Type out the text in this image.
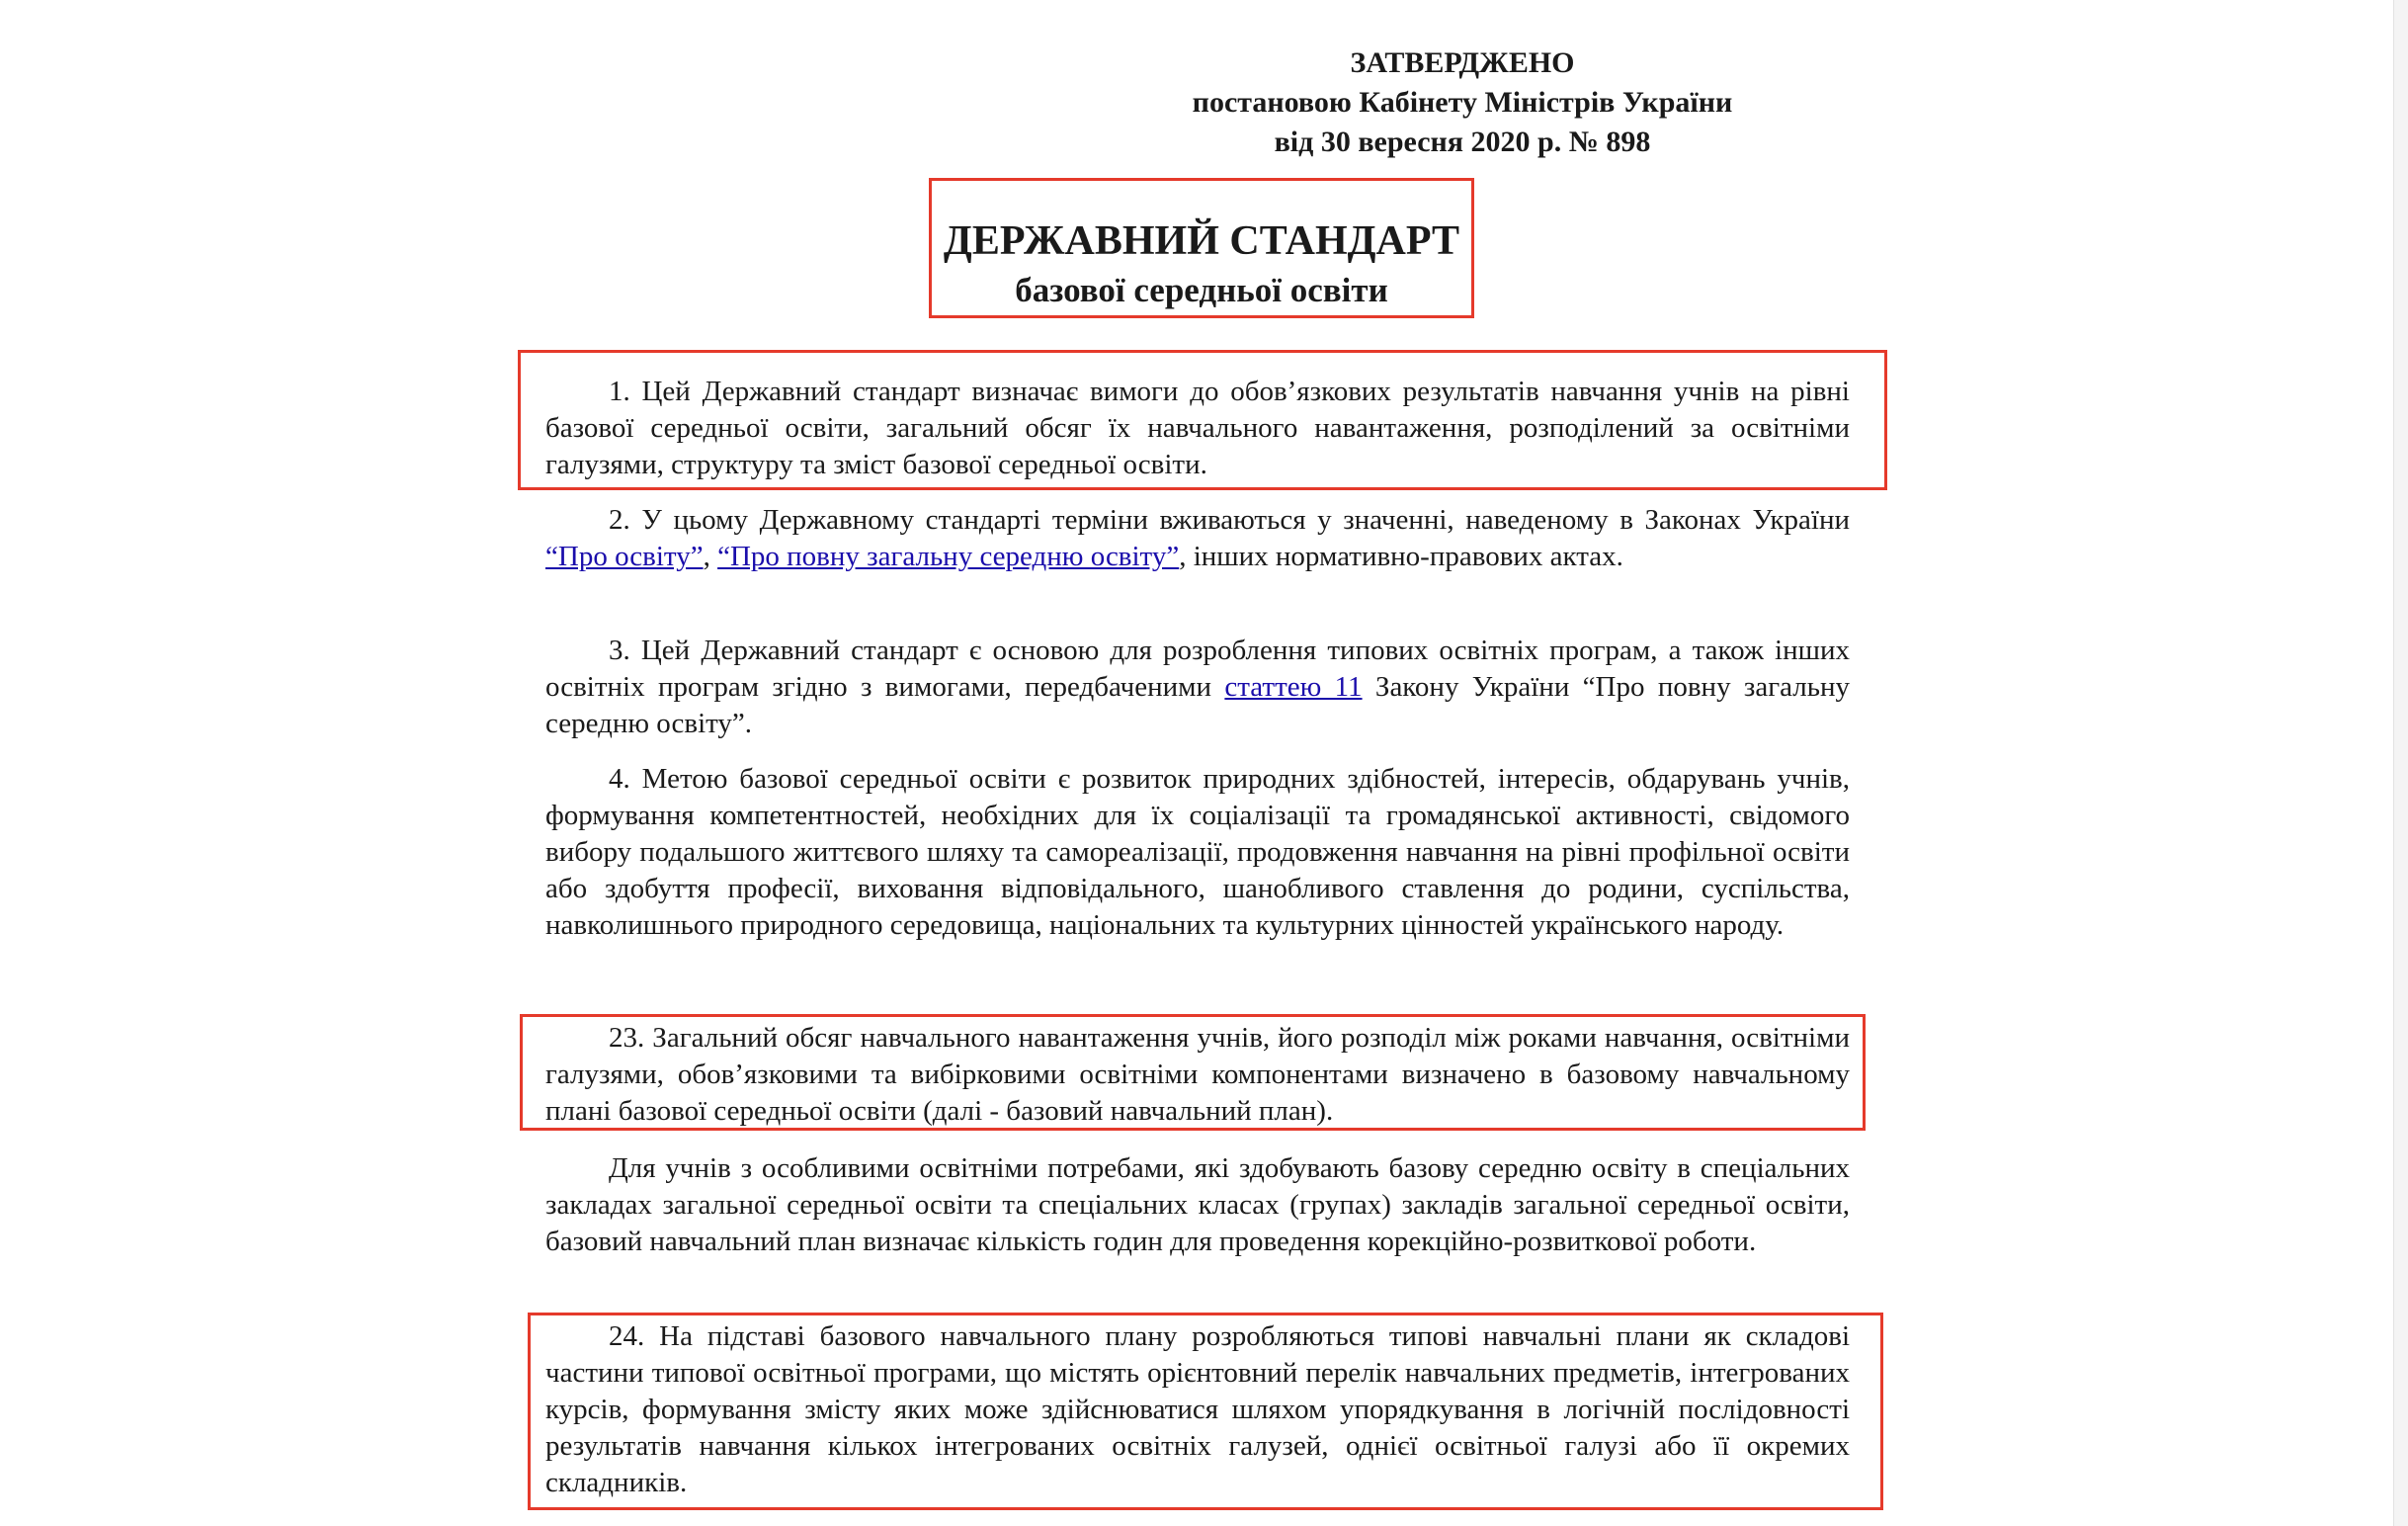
ЗАТВЕРДЖЕНО
постановою Кабінету Міністрів України
від 30 вересня 2020 р. № 898
ДЕРЖАВНИЙ СТАНДАРТ
базової середньої освіти

1. Цей Державний стандарт визначає вимоги до обов’язкових результатів навчання учнів на рівні базової середньої освіти, загальний обсяг їх навчального навантаження, розподілений за освітніми галузями, структуру та зміст базової середньої освіти.

2. У цьому Державному стандарті терміни вживаються у значенні, наведеному в Законах України “Про освіту”, “Про повну загальну середню освіту”, інших нормативно-правових актах.

3. Цей Державний стандарт є основою для розроблення типових освітніх програм, а також інших освітніх програм згідно з вимогами, передбаченими статтею 11 Закону України “Про повну загальну середню освіту”.

4. Метою базової середньої освіти є розвиток природних здібностей, інтересів, обдарувань учнів, формування компетентностей, необхідних для їх соціалізації та громадянської активності, свідомого вибору подальшого життєвого шляху та самореалізації, продовження навчання на рівні профільної освіти або здобуття професії, виховання відповідального, шанобливого ставлення до родини, суспільства, навколишнього природного середовища, національних та культурних цінностей українського народу.

23. Загальний обсяг навчального навантаження учнів, його розподіл між роками навчання, освітніми галузями, обов’язковими та вибірковими освітніми компонентами визначено в базовому навчальному плані базової середньої освіти (далі - базовий навчальний план).

Для учнів з особливими освітніми потребами, які здобувають базову середню освіту в спеціальних закладах загальної середньої освіти та спеціальних класах (групах) закладів загальної середньої освіти, базовий навчальний план визначає кількість годин для проведення корекційно-розвиткової роботи.

24. На підставі базового навчального плану розробляються типові навчальні плани як складові частини типової освітньої програми, що містять орієнтовний перелік навчальних предметів, інтегрованих курсів, формування змісту яких може здійснюватися шляхом упорядкування в логічній послідовності результатів навчання кількох інтегрованих освітніх галузей, однієї освітньої галузі або її окремих складників.
